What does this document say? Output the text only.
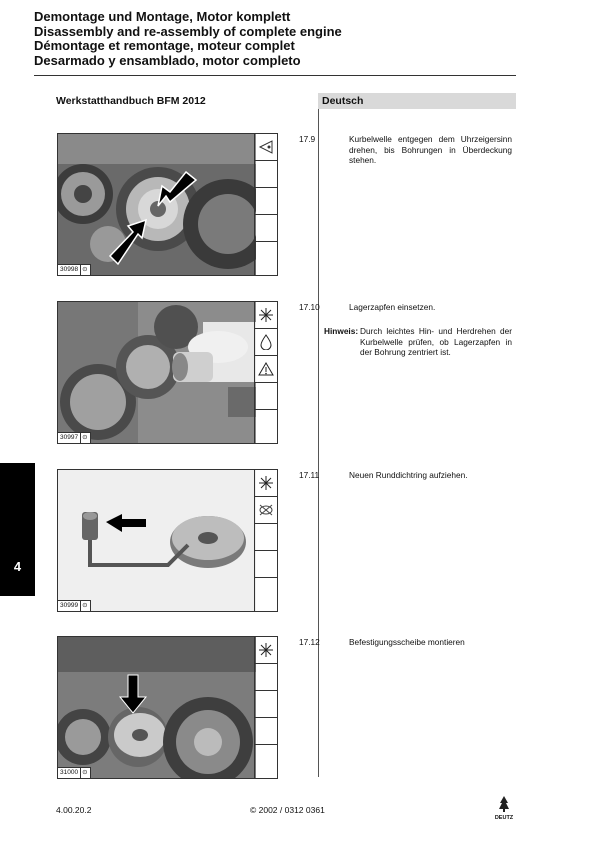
Demontage und Montage, Motor komplett
Disassembly and re-assembly of complete engine
Démontage et remontage, moteur complet
Desarmado y ensamblado, motor completo
Werkstatthandbuch BFM 2012	Deutsch
4
30998 ⊙
30997 ⊙
30999 ⊙
31000 ⊙
17.9	Kurbelwelle entgegen dem Uhrzeigersinn drehen, bis Bohrungen in Überdeckung stehen.
17.10	Lagerzapfen einsetzen.
Hinweis: Durch leichtes Hin- und Herdrehen der Kurbelwelle prüfen, ob Lagerzapfen in der Bohrung zentriert ist.
17.11	Neuen Runddichtring aufziehen.
17.12	Befestigungsscheibe montieren
4.00.20.2	© 2002 / 0312 0361
DEUTZ
